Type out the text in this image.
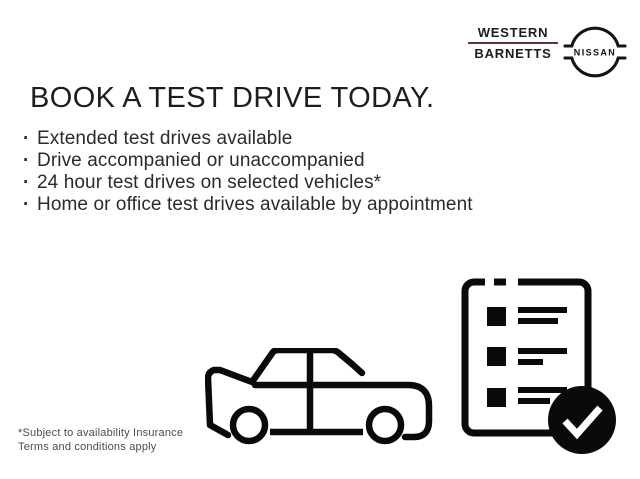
WESTERN
BARNETTS	NISSAN
BOOK A TEST DRIVE TODAY.
· Extended test drives available
· Drive accompanied or unaccompanied
· 24 hour test drives on selected vehicles*
· Home or office test drives available by appointment
*Subject to availability Insurance
Terms and conditions apply
